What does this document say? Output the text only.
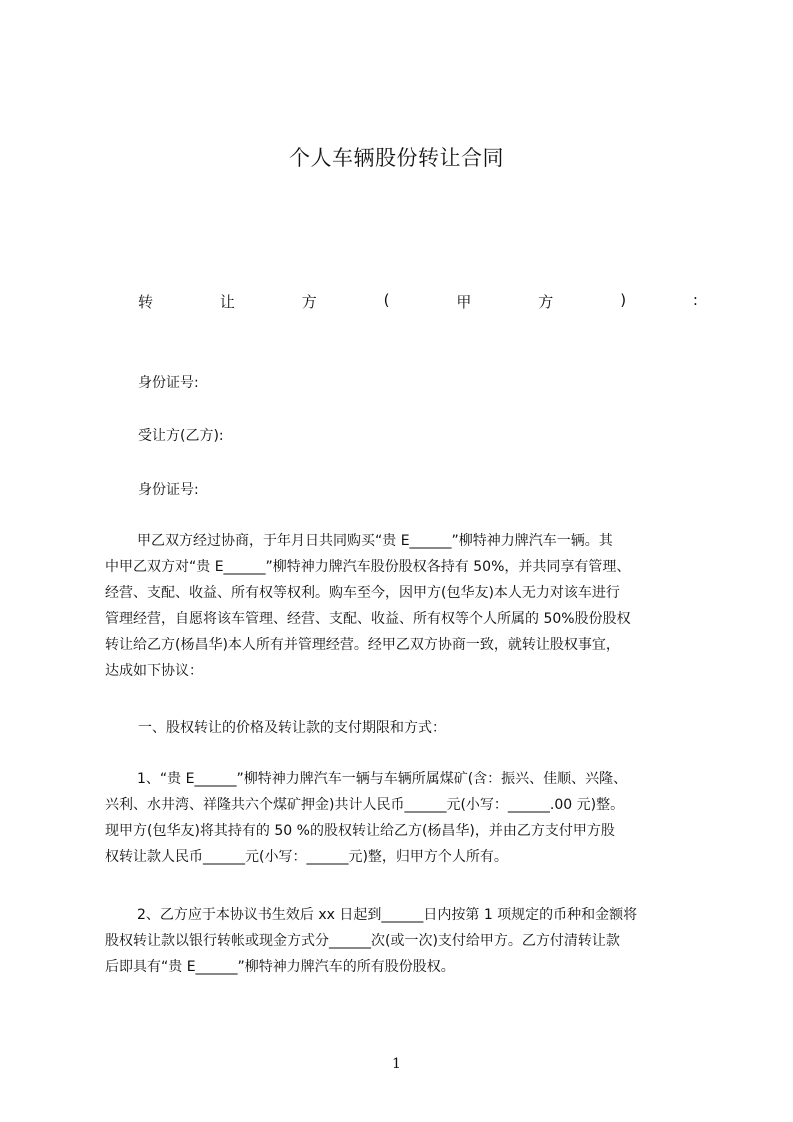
个人车辆股份转让合同
转	让	方	(	甲	方	)	:
身份证号:
受让方(乙方):
身份证号:

甲乙双方经过协商，于年月日共同购买“贵 E______”柳特神力牌汽车一辆。其
中甲乙双方对“贵 E______”柳特神力牌汽车股份股权各持有 50%，并共同享有管理、
经营、支配、收益、所有权等权利。购车至今，因甲方(包华友)本人无力对该车进行
管理经营，自愿将该车管理、经营、支配、收益、所有权等个人所属的 50%股份股权
转让给乙方(杨昌华)本人所有并管理经营。经甲乙双方协商一致，就转让股权事宜，
达成如下协议：

一、股权转让的价格及转让款的支付期限和方式：

1、“贵 E______”柳特神力牌汽车一辆与车辆所属煤矿(含：振兴、佳顺、兴隆、
兴利、水井湾、祥隆共六个煤矿押金)共计人民币______元(小写：______.00 元)整。
现甲方(包华友)将其持有的 50 %的股权转让给乙方(杨昌华)，并由乙方支付甲方股
权转让款人民币______元(小写：______元)整，归甲方个人所有。

2、乙方应于本协议书生效后 xx 日起到______日内按第 1 项规定的币种和金额将
股权转让款以银行转帐或现金方式分______次(或一次)支付给甲方。乙方付清转让款
后即具有“贵 E______”柳特神力牌汽车的所有股份股权。

1
